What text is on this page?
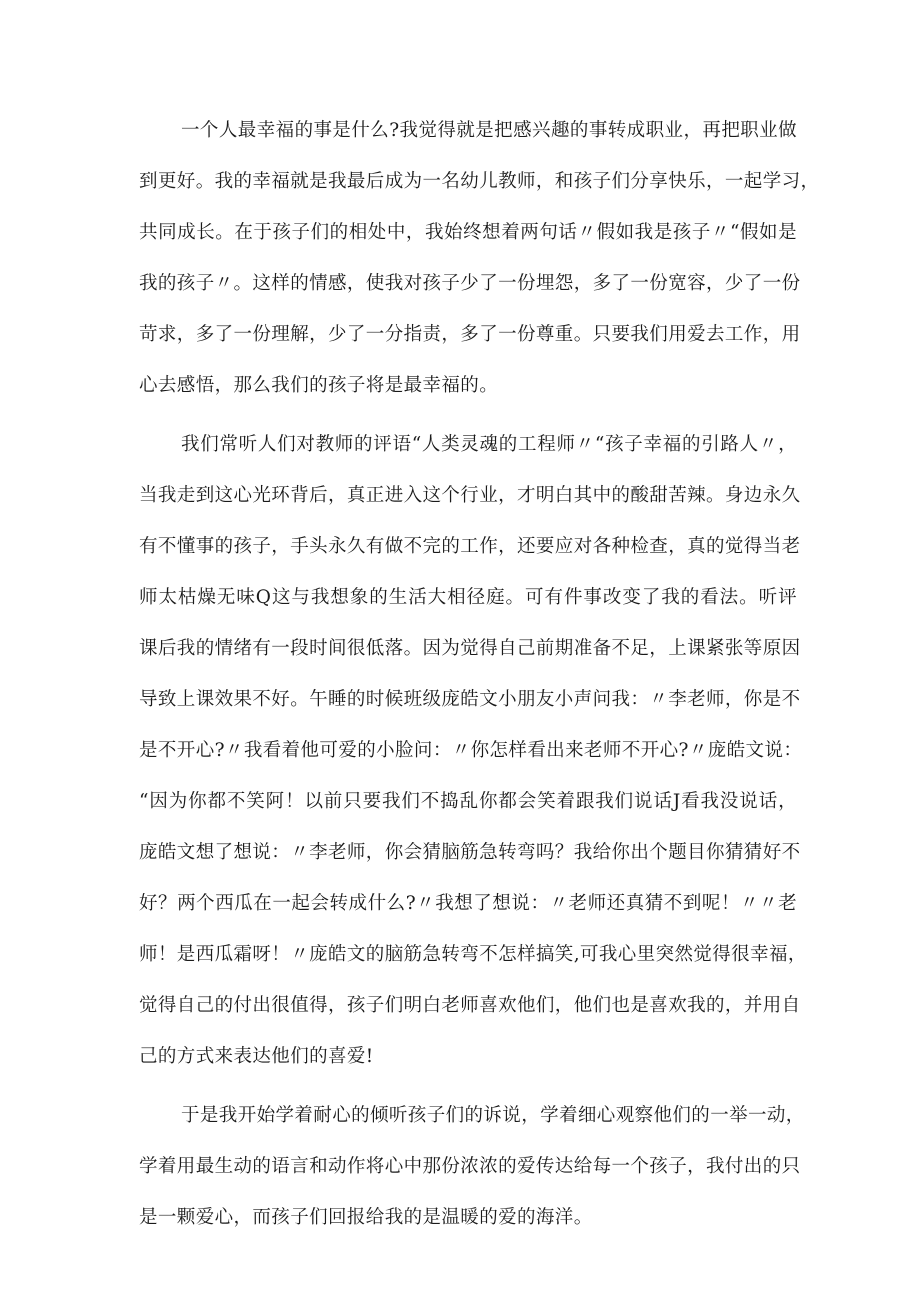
一个人最幸福的事是什么?我觉得就是把感兴趣的事转成职业，再把职业做
到更好。我的幸福就是我最后成为一名幼儿教师，和孩子们分享快乐，一起学习，
共同成长。在于孩子们的相处中，我始终想着两句话〃假如我是孩子〃“假如是
我的孩子〃。这样的情感，使我对孩子少了一份埋怨，多了一份宽容，少了一份
苛求，多了一份理解，少了一分指责，多了一份尊重。只要我们用爱去工作，用
心去感悟，那么我们的孩子将是最幸福的。
我们常听人们对教师的评语“人类灵魂的工程师〃“孩子幸福的引路人〃，
当我走到这心光环背后，真正进入这个行业，才明白其中的酸甜苦辣。身边永久
有不懂事的孩子，手头永久有做不完的工作，还要应对各种检查，真的觉得当老
师太枯燥无味Q这与我想象的生活大相径庭。可有件事改变了我的看法。听评
课后我的情绪有一段时间很低落。因为觉得自己前期准备不足，上课紧张等原因
导致上课效果不好。午睡的时候班级庞皓文小朋友小声问我：〃李老师，你是不
是不开心?〃我看着他可爱的小脸问：〃你怎样看出来老师不开心?〃庞皓文说：
“因为你都不笑阿！以前只要我们不捣乱你都会笑着跟我们说话J看我没说话，
庞皓文想了想说：〃李老师，你会猜脑筋急转弯吗？我给你出个题目你猜猜好不
好？两个西瓜在一起会转成什么?〃我想了想说：〃老师还真猜不到呢！〃〃老
师！是西瓜霜呀！〃庞皓文的脑筋急转弯不怎样搞笑,可我心里突然觉得很幸福，
觉得自己的付出很值得，孩子们明白老师喜欢他们，他们也是喜欢我的，并用自
己的方式来表达他们的喜爱!
于是我开始学着耐心的倾听孩子们的诉说，学着细心观察他们的一举一动，
学着用最生动的语言和动作将心中那份浓浓的爱传达给每一个孩子，我付出的只
是一颗爱心，而孩子们回报给我的是温暖的爱的海洋。
